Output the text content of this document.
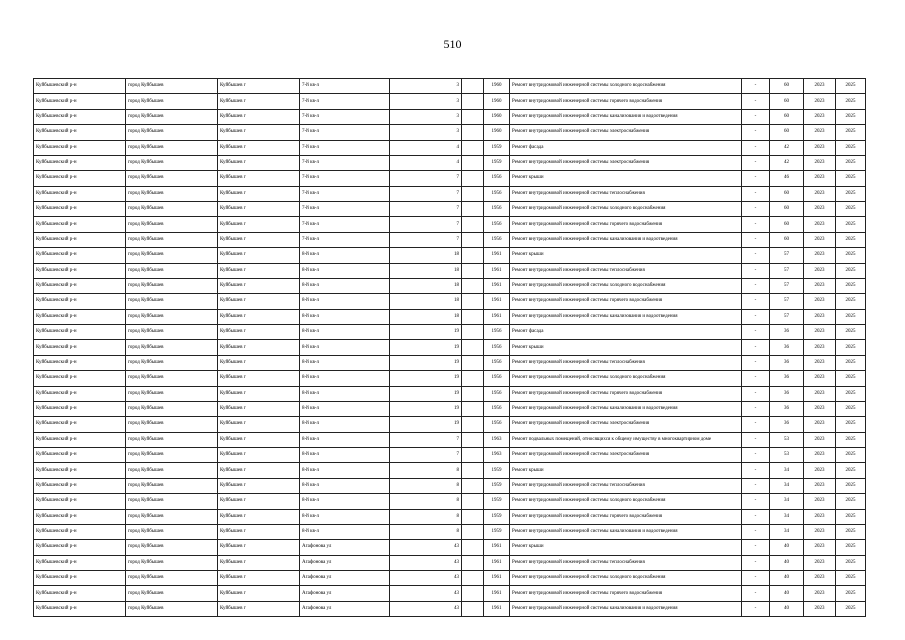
510
Куйбышевский р-н	город Куйбышев	Куйбышев г	7-й кв-л	3		1960	Ремонт внутридомовой инженерной системы холодного водоснабжения	-	60	2023	2025
Куйбышевский р-н	город Куйбышев	Куйбышев г	7-й кв-л	3		1960	Ремонт внутридомовой инженерной системы горячего водоснабжения	-	60	2023	2025
Куйбышевский р-н	город Куйбышев	Куйбышев г	7-й кв-л	3		1960	Ремонт внутридомовой инженерной системы канализования и водоотведения	-	60	2023	2025
Куйбышевский р-н	город Куйбышев	Куйбышев г	7-й кв-л	3		1960	Ремонт внутридомовой инженерной системы электроснабжения	-	60	2023	2025
Куйбышевский р-н	город Куйбышев	Куйбышев г	7-й кв-л	4		1959	Ремонт фасада	-	42	2023	2025
Куйбышевский р-н	город Куйбышев	Куйбышев г	7-й кв-л	4		1959	Ремонт внутридомовой инженерной системы электроснабжения	-	42	2023	2025
Куйбышевский р-н	город Куйбышев	Куйбышев г	7-й кв-л	7		1956	Ремонт крыши	-	46	2023	2025
Куйбышевский р-н	город Куйбышев	Куйбышев г	7-й кв-л	7		1956	Ремонт внутридомовой инженерной системы теплоснабжения	-	60	2023	2025
Куйбышевский р-н	город Куйбышев	Куйбышев г	7-й кв-л	7		1956	Ремонт внутридомовой инженерной системы холодного водоснабжения	-	60	2023	2025
Куйбышевский р-н	город Куйбышев	Куйбышев г	7-й кв-л	7		1956	Ремонт внутридомовой инженерной системы горячего водоснабжения	-	60	2023	2025
Куйбышевский р-н	город Куйбышев	Куйбышев г	7-й кв-л	7		1956	Ремонт внутридомовой инженерной системы канализования и водоотведения	-	60	2023	2025
Куйбышевский р-н	город Куйбышев	Куйбышев г	8-й кв-л	18		1961	Ремонт крыши	-	57	2023	2025
Куйбышевский р-н	город Куйбышев	Куйбышев г	8-й кв-л	18		1961	Ремонт внутридомовой инженерной системы теплоснабжения	-	57	2023	2025
Куйбышевский р-н	город Куйбышев	Куйбышев г	8-й кв-л	18		1961	Ремонт внутридомовой инженерной системы холодного водоснабжения	-	57	2023	2025
Куйбышевский р-н	город Куйбышев	Куйбышев г	8-й кв-л	18		1961	Ремонт внутридомовой инженерной системы горячего водоснабжения	-	57	2023	2025
Куйбышевский р-н	город Куйбышев	Куйбышев г	8-й кв-л	18		1961	Ремонт внутридомовой инженерной системы канализования и водоотведения	-	57	2023	2025
Куйбышевский р-н	город Куйбышев	Куйбышев г	8-й кв-л	19		1956	Ремонт фасада	-	36	2023	2025
Куйбышевский р-н	город Куйбышев	Куйбышев г	8-й кв-л	19		1956	Ремонт крыши	-	36	2023	2025
Куйбышевский р-н	город Куйбышев	Куйбышев г	8-й кв-л	19		1956	Ремонт внутридомовой инженерной системы теплоснабжения	-	36	2023	2025
Куйбышевский р-н	город Куйбышев	Куйбышев г	8-й кв-л	19		1956	Ремонт внутридомовой инженерной системы холодного водоснабжения	-	36	2023	2025
Куйбышевский р-н	город Куйбышев	Куйбышев г	8-й кв-л	19		1956	Ремонт внутридомовой инженерной системы горячего водоснабжения	-	36	2023	2025
Куйбышевский р-н	город Куйбышев	Куйбышев г	8-й кв-л	19		1956	Ремонт внутридомовой инженерной системы канализования и водоотведения	-	36	2023	2025
Куйбышевский р-н	город Куйбышев	Куйбышев г	8-й кв-л	19		1956	Ремонт внутридомовой инженерной системы электроснабжения	-	36	2023	2025
Куйбышевский р-н	город Куйбышев	Куйбышев г	8-й кв-л	7		1963	Ремонт подвальных помещений, относящихся к общему имуществу в многоквартирном доме	-	53	2023	2025
Куйбышевский р-н	город Куйбышев	Куйбышев г	8-й кв-л	7		1963	Ремонт внутридомовой инженерной системы электроснабжения	-	53	2023	2025
Куйбышевский р-н	город Куйбышев	Куйбышев г	8-й кв-л	8		1959	Ремонт крыши	-	34	2023	2025
Куйбышевский р-н	город Куйбышев	Куйбышев г	8-й кв-л	8		1959	Ремонт внутридомовой инженерной системы теплоснабжения	-	34	2023	2025
Куйбышевский р-н	город Куйбышев	Куйбышев г	8-й кв-л	8		1959	Ремонт внутридомовой инженерной системы холодного водоснабжения	-	34	2023	2025
Куйбышевский р-н	город Куйбышев	Куйбышев г	8-й кв-л	8		1959	Ремонт внутридомовой инженерной системы горячего водоснабжения	-	34	2023	2025
Куйбышевский р-н	город Куйбышев	Куйбышев г	8-й кв-л	8		1959	Ремонт внутридомовой инженерной системы канализования и водоотведения	-	34	2023	2025
Куйбышевский р-н	город Куйбышев	Куйбышев г	Агафонова ул	43		1961	Ремонт крыши	-	40	2023	2025
Куйбышевский р-н	город Куйбышев	Куйбышев г	Агафонова ул	43		1961	Ремонт внутридомовой инженерной системы теплоснабжения	-	40	2023	2025
Куйбышевский р-н	город Куйбышев	Куйбышев г	Агафонова ул	43		1961	Ремонт внутридомовой инженерной системы холодного водоснабжения	-	40	2023	2025
Куйбышевский р-н	город Куйбышев	Куйбышев г	Агафонова ул	43		1961	Ремонт внутридомовой инженерной системы горячего водоснабжения	-	40	2023	2025
Куйбышевский р-н	город Куйбышев	Куйбышев г	Агафонова ул	43		1961	Ремонт внутридомовой инженерной системы канализования и водоотведения	-	40	2023	2025
